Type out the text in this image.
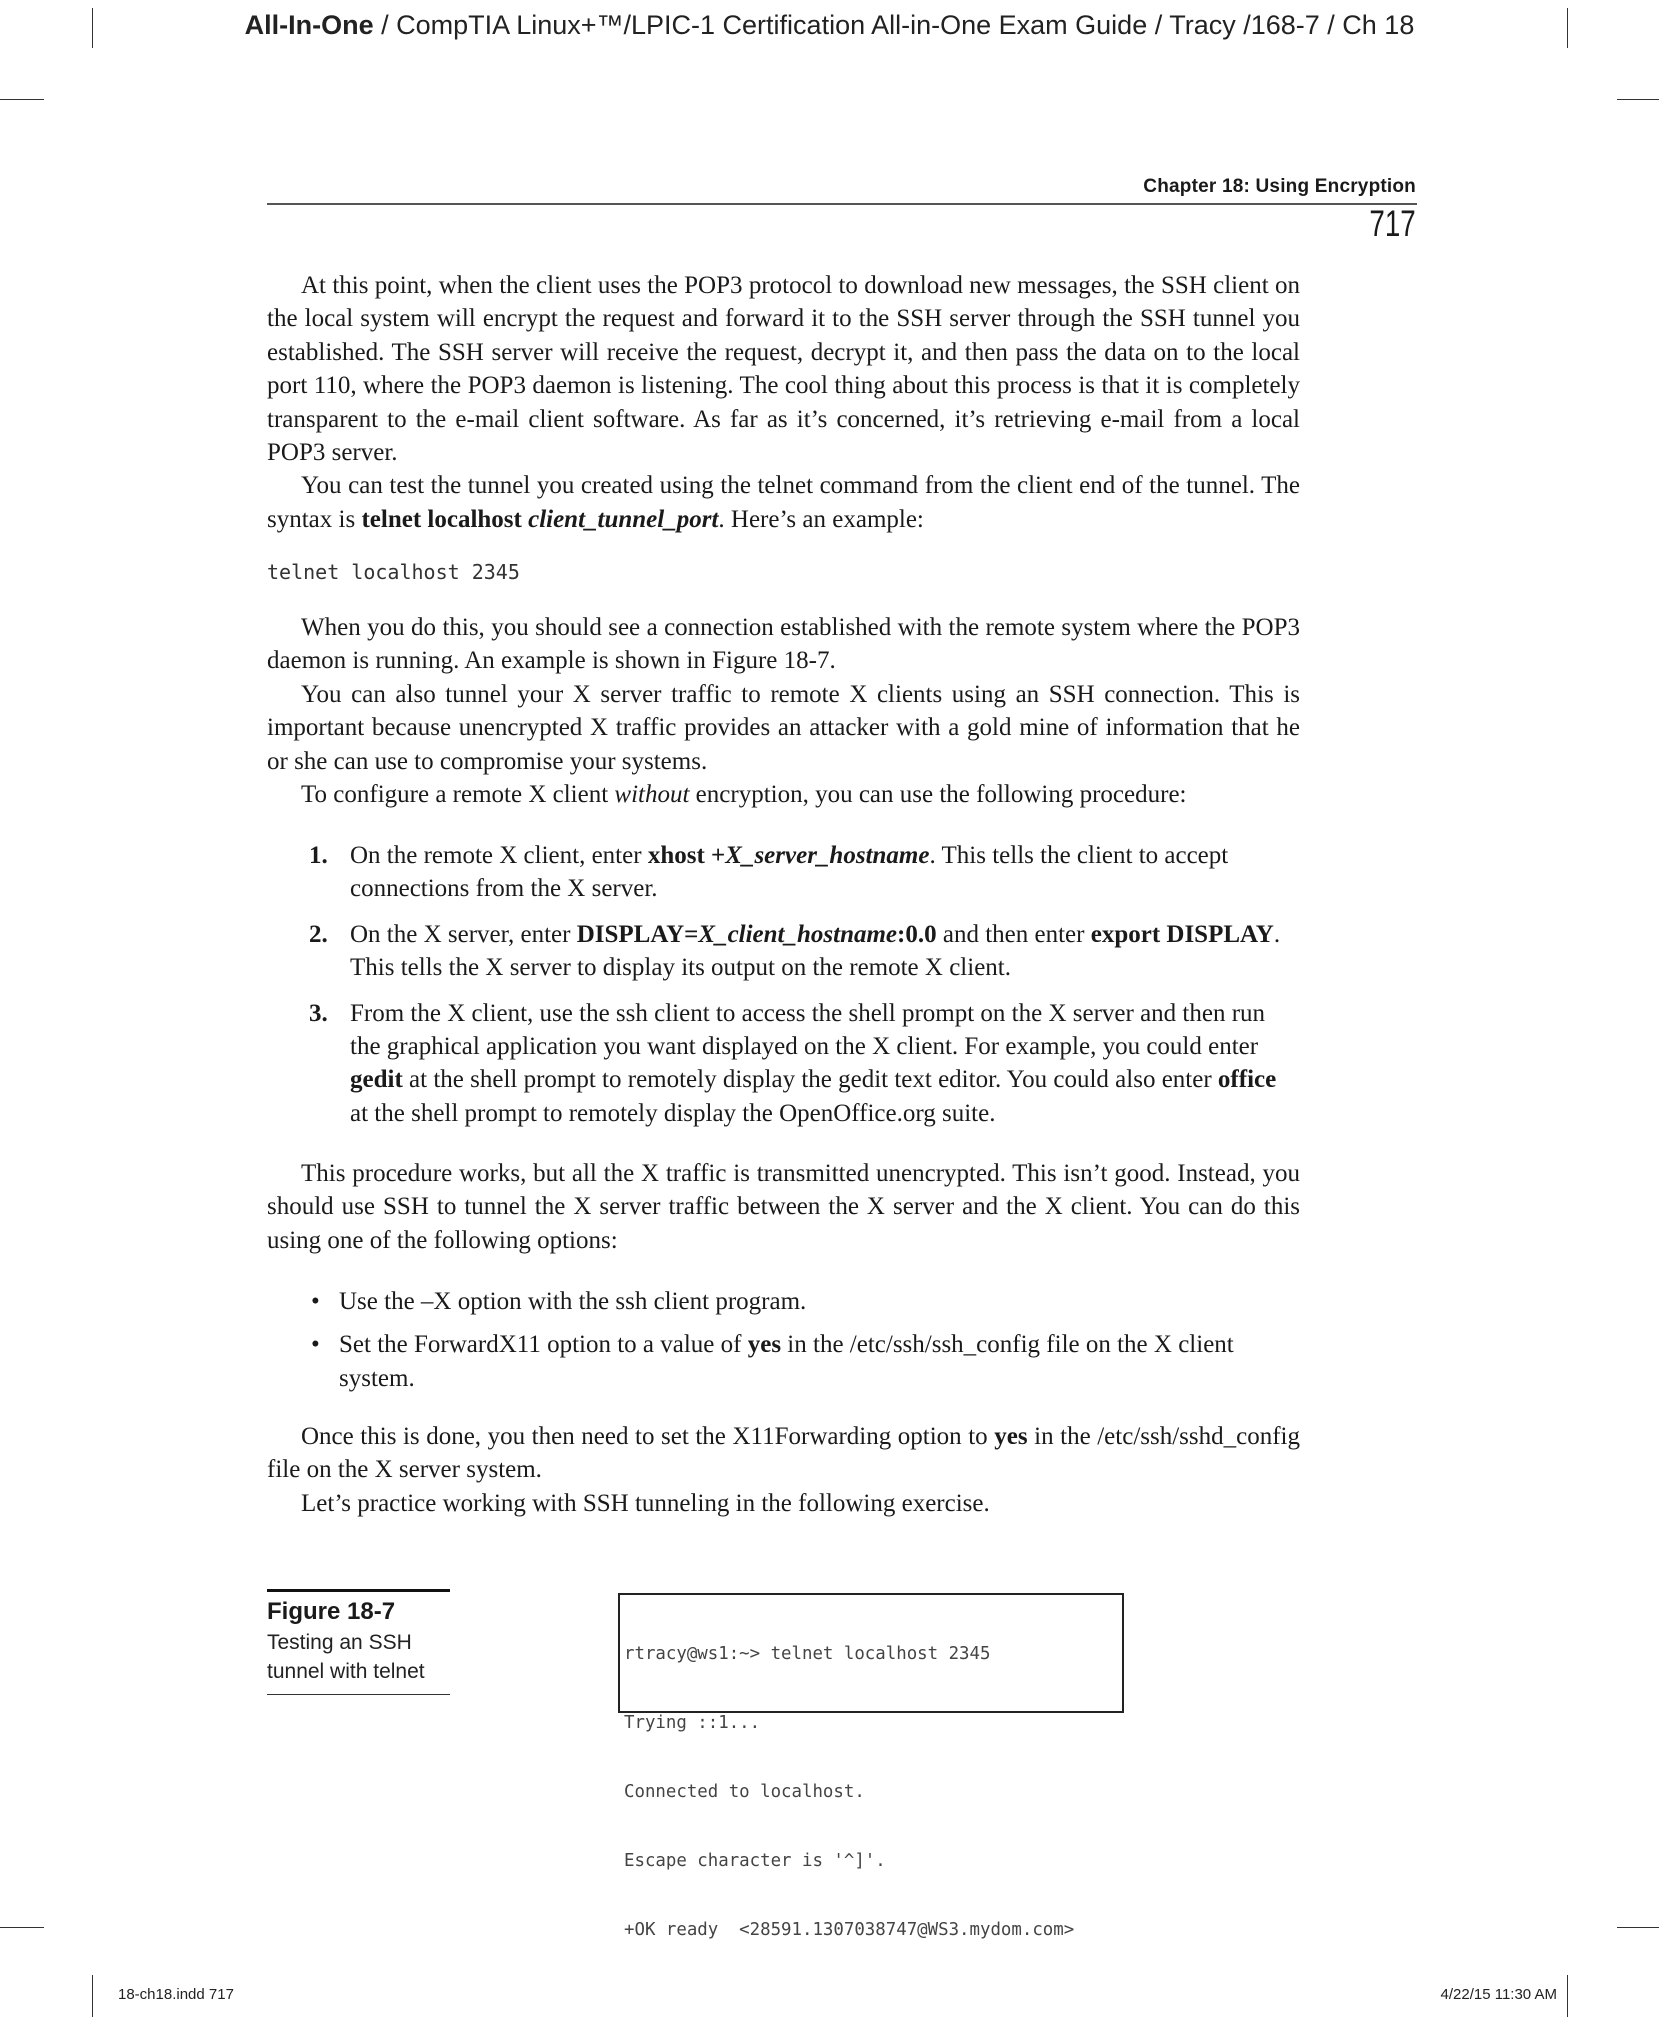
All-In-One / CompTIA Linux+™/LPIC-1 Certification All-in-One Exam Guide / Tracy /168-7 / Ch 18
Chapter 18: Using Encryption
717

At this point, when the client uses the POP3 protocol to download new messages, the SSH client on the local system will encrypt the request and forward it to the SSH server through the SSH tunnel you established. The SSH server will receive the request, decrypt it, and then pass the data on to the local port 110, where the POP3 daemon is listening. The cool thing about this process is that it is completely transparent to the e-mail client software. As far as it’s concerned, it’s retrieving e-mail from a local POP3 server.

You can test the tunnel you created using the telnet command from the client end of the tunnel. The syntax is telnet localhost client_tunnel_port. Here’s an example:

telnet localhost 2345

When you do this, you should see a connection established with the remote system where the POP3 daemon is running. An example is shown in Figure 18-7.

You can also tunnel your X server traffic to remote X clients using an SSH connection. This is important because unencrypted X traffic provides an attacker with a gold mine of information that he or she can use to compromise your systems.

To configure a remote X client without encryption, you can use the following procedure:

1. On the remote X client, enter xhost +X_server_hostname. This tells the client to accept connections from the X server.
2. On the X server, enter DISPLAY=X_client_hostname:0.0 and then enter export DISPLAY. This tells the X server to display its output on the remote X client.
3. From the X client, use the ssh client to access the shell prompt on the X server and then run the graphical application you want displayed on the X client. For example, you could enter gedit at the shell prompt to remotely display the gedit text editor. You could also enter office at the shell prompt to remotely display the OpenOffice.org suite.

This procedure works, but all the X traffic is transmitted unencrypted. This isn’t good. Instead, you should use SSH to tunnel the X server traffic between the X server and the X client. You can do this using one of the following options:

• Use the –X option with the ssh client program.
• Set the ForwardX11 option to a value of yes in the /etc/ssh/ssh_config file on the X client system.

Once this is done, you then need to set the X11Forwarding option to yes in the /etc/ssh/sshd_config file on the X server system.

Let’s practice working with SSH tunneling in the following exercise.

Figure 18-7
Testing an SSH tunnel with telnet

rtracy@ws1:~> telnet localhost 2345

Trying ::1...

Connected to localhost.

Escape character is '^]'.

+OK ready  <28591.1307038747@WS3.mydom.com>

18-ch18.indd 717	4/22/15 11:30 AM
